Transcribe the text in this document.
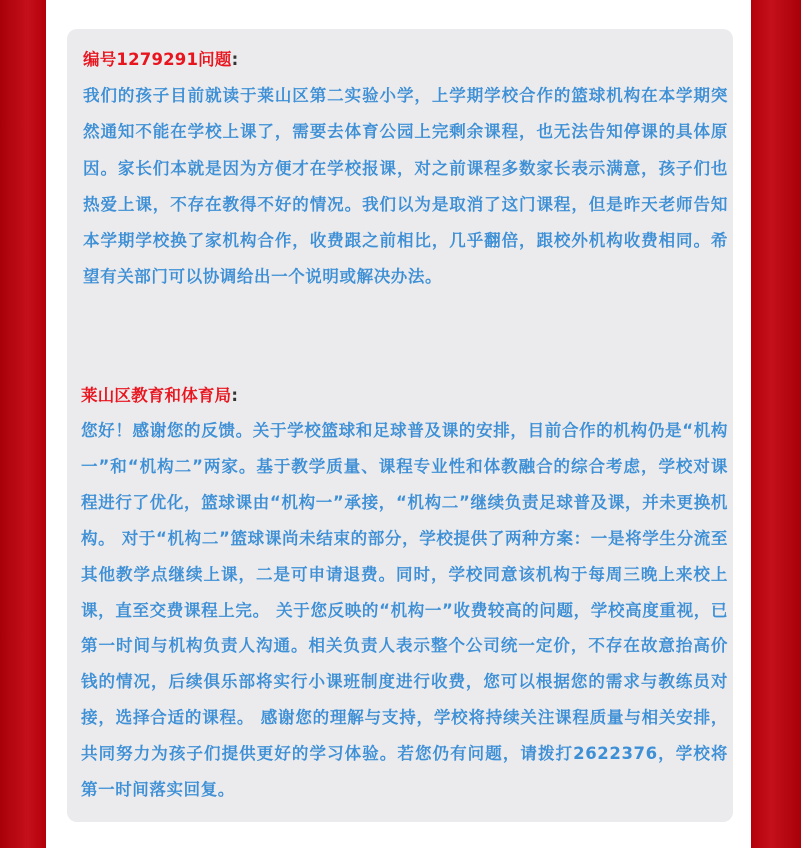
编号1279291问题:

我们的孩子目前就读于莱山区第二实验小学，上学期学校合作的篮球机构在本学期突然通知不能在学校上课了，需要去体育公园上完剩余课程，也无法告知停课的具体原因。家长们本就是因为方便才在学校报课，对之前课程多数家长表示满意，孩子们也热爱上课，不存在教得不好的情况。我们以为是取消了这门课程，但是昨天老师告知本学期学校换了家机构合作，收费跟之前相比，几乎翻倍，跟校外机构收费相同。希望有关部门可以协调给出一个说明或解决办法。

莱山区教育和体育局:

您好！感谢您的反馈。关于学校篮球和足球普及课的安排，目前合作的机构仍是“机构一”和“机构二”两家。基于教学质量、课程专业性和体教融合的综合考虑，学校对课程进行了优化，篮球课由“机构一”承接，“机构二”继续负责足球普及课，并未更换机构。 对于“机构二”篮球课尚未结束的部分，学校提供了两种方案：一是将学生分流至其他教学点继续上课，二是可申请退费。同时，学校同意该机构于每周三晚上来校上课，直至交费课程上完。 关于您反映的“机构一”收费较高的问题，学校高度重视，已第一时间与机构负责人沟通。相关负责人表示整个公司统一定价，不存在故意抬高价钱的情况，后续俱乐部将实行小课班制度进行收费，您可以根据您的需求与教练员对接，选择合适的课程。 感谢您的理解与支持，学校将持续关注课程质量与相关安排，共同努力为孩子们提供更好的学习体验。若您仍有问题，请拨打2622376，学校将第一时间落实回复。
